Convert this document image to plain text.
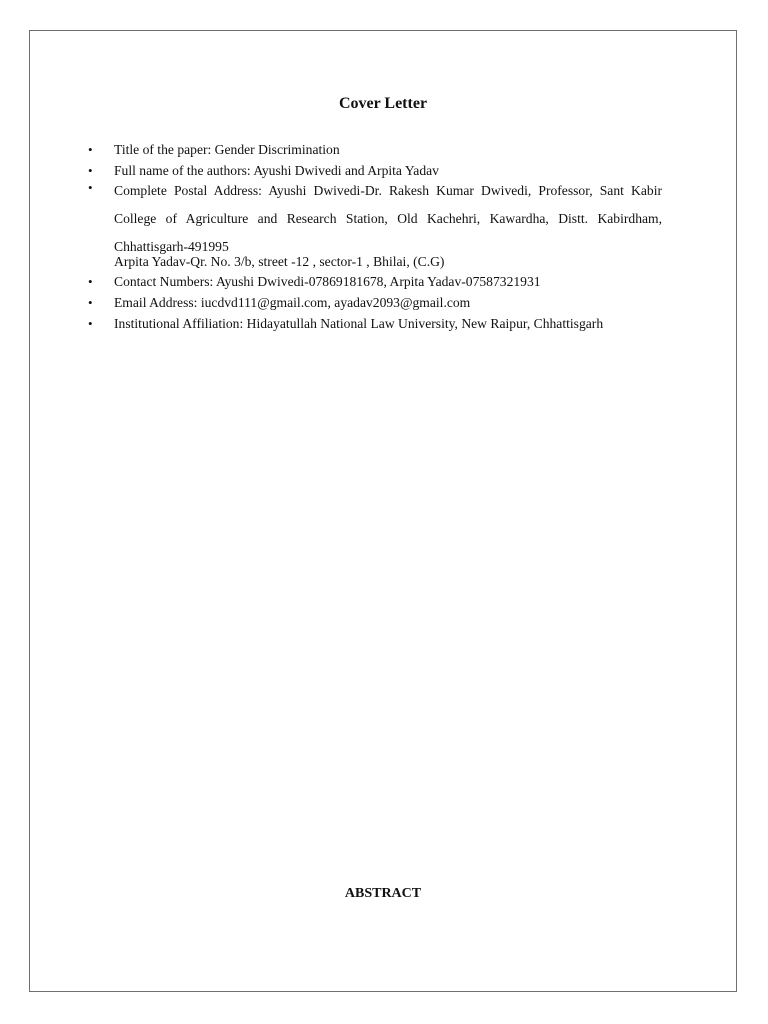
Cover Letter
• Title of the paper: Gender Discrimination
• Full name of the authors: Ayushi Dwivedi and Arpita Yadav
• Complete Postal Address: Ayushi Dwivedi-Dr. Rakesh Kumar Dwivedi, Professor, Sant Kabir College of Agriculture and Research Station, Old Kachehri, Kawardha, Distt. Kabirdham, Chhattisgarh-491995
Arpita Yadav-Qr. No. 3/b, street -12 , sector-1 , Bhilai, (C.G)
• Contact Numbers: Ayushi Dwivedi-07869181678, Arpita Yadav-07587321931
• Email Address: iucdvd111@gmail.com, ayadav2093@gmail.com
• Institutional Affiliation: Hidayatullah National Law University, New Raipur, Chhattisgarh
ABSTRACT
